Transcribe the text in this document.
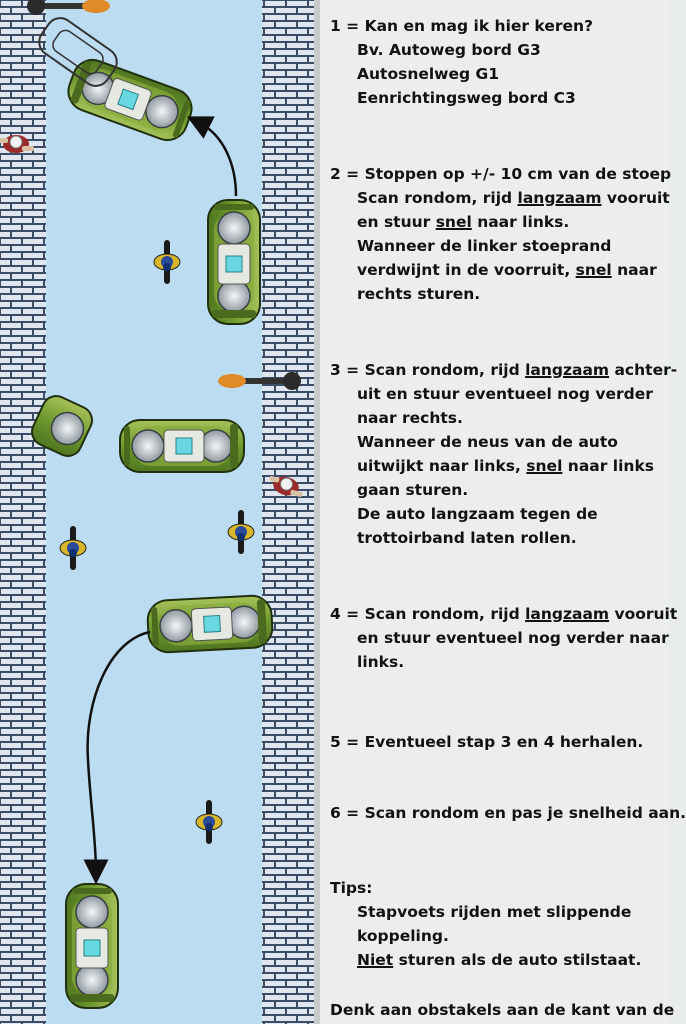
1 = Kan en mag ik hier keren?
Bv. Autoweg bord G3
Autosnelweg G1
Eenrichtingsweg bord C3
2 = Stoppen op +/- 10 cm van de stoep
Scan rondom, rijd langzaam vooruit
en stuur snel naar links.
Wanneer de linker stoeprand
verdwijnt in de voorruit, snel naar
rechts sturen.
3 = Scan rondom, rijd langzaam achter-
uit en stuur eventueel nog verder
naar rechts.
Wanneer de neus van de auto
uitwijkt naar links, snel naar links
gaan sturen.
De auto langzaam tegen de
trottoirband laten rollen.
4 = Scan rondom, rijd langzaam vooruit
en stuur eventueel nog verder naar
links.
5 = Eventueel stap 3 en 4 herhalen.
6 = Scan rondom en pas je snelheid aan.
Tips:
Stapvoets rijden met slippende
koppeling.
Niet sturen als de auto stilstaat.
Denk aan obstakels aan de kant van de
